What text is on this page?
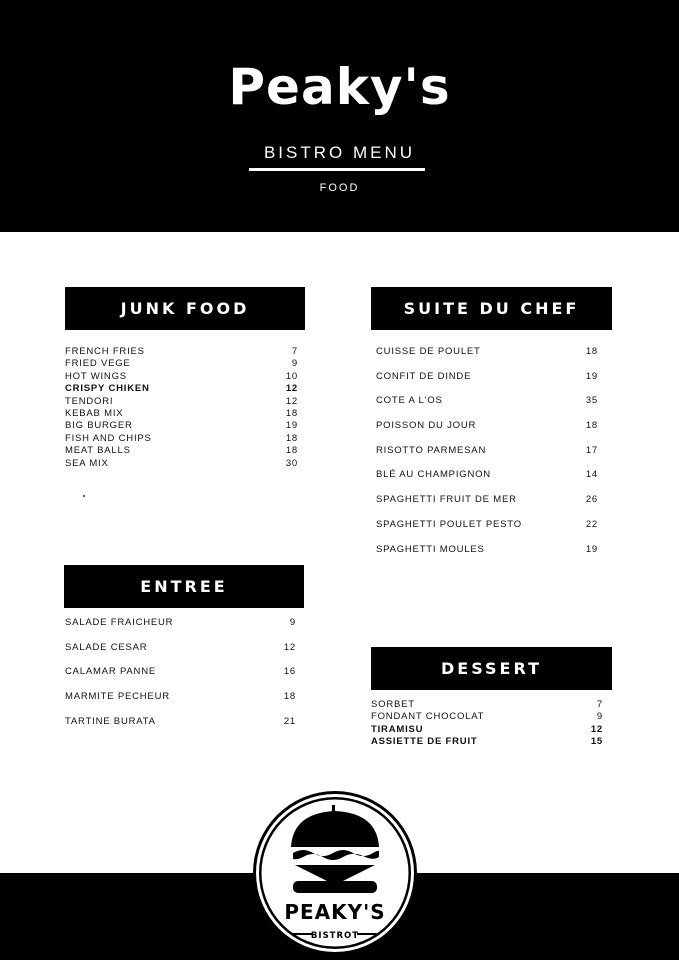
Peaky's
BISTRO MENU
FOOD
JUNK FOOD
FRENCH FRIES	7
FRIED VEGE	9
HOT WINGS	10
CRISPY CHIKEN	12
TENDORI	12
KEBAB MIX	18
BIG BURGER	19
FISH AND CHIPS	18
MEAT BALLS	18
SEA MIX	30
SUITE DU CHEF
CUISSE DE POULET	18
CONFIT DE DINDE	19
COTE A L'OS	35
POISSON DU JOUR	18
RISOTTO PARMESAN	17
BLÉ AU CHAMPIGNON	14
SPAGHETTI FRUIT DE MER	26
SPAGHETTI POULET PESTO	22
SPAGHETTI MOULES	19
ENTREE
SALADE FRAICHEUR	9
SALADE CESAR	12
CALAMAR PANNE	16
MARMITE PECHEUR	18
TARTINE BURATA	21
DESSERT
SORBET	7
FONDANT CHOCOLAT	9
TIRAMISU	12
ASSIETTE DE FRUIT	15
PEAKY'S
BISTROT
